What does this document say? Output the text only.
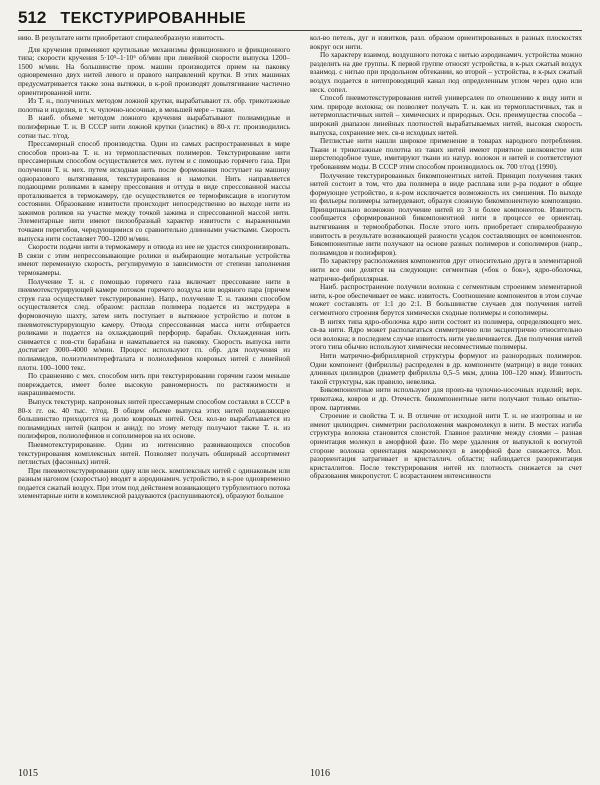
512 ТЕКСТУРИРОВАННЫЕ

нию. В результате нити приобретают спиралеобразную извитость.

Для кручения применяют крутильные механизмы фрикционного и фрикционного типа; скорости кручения 5·10⁵–1·10⁶ об/мин при линейной скорости выпуска 1200–1500 м/мин. На большинстве пром. машин производится прием на паковку одновременно двух нитей левого и правого направлений крутки. В этих машинах предусматривается также зона вытяжки, в к-рой производят довытягивание частично ориентированной нити.

Из Т. н., полученных методом ложной крутки, вырабатывают гл. обр. трикотажные полотна и изделия, в т. ч. чулочно-носочные, в меньшей мере – ткани.

В наиб. объеме методом ложного кручения вырабатывают полиамидные и полиэфирные Т. н. В СССР нити ложной крутки (эластик) в 80-х гг. производились сотни тыс. т/год.

Прессамерный способ производства. Один из самых распространенных в мире способов произ-ва Т. н. из термопластичных полимеров. Текстурирование нити прессамерным способом осуществляется мех. путем и с помощью горячего газа. При получении Т. н. мех. путем исходная нить после формования поступает на машину одноразового вытягивания, текстурирования и намотки. Нить направляется подающими роликами в камеру прессования и оттуда в виде спрессованной массы проталкивается в термокамеру, где осуществляется ее термофиксация в изогнутом состоянии. Образование извитости происходит непосредственно во выходе нити из зажимов роликов на участке между точкой зажима и спрессованной массой нити. Элементарные нити имеют пилообразный характер извитости с выраженными точками перегибов, чередующимися со сравнительно длинными участками. Скорость выпуска нити составляет 700–1200 м/мин.

Скорости подачи нити в термокамеру и отвода из нее не удастся синхронизировать. В связи с этим непрессовывающие ролики и выбирающие мотальные устройства имеют переменную скорость, регулируемую в зависимости от степени заполнения термокамеры.

Получение Т. н. с помощью горячего газа включает прессование нити в пневмотекстурирующей камере потоком горячего воздуха или водяного пара (причем струя газа осуществляет текстурирование). Напр., получение Т. н. такими способом осуществляется след. образом: расплав полимера подается из экструдера в формовочную шахту, затем нить поступает в вытяжное устройство и потом в пневмотекстурирующую камеру. Отвода спрессованная масса нити отбирается роликами и подается на охлаждающий перфорир. барабан. Охлажденная нить снимается с пов-сти барабана и наматывается на паковку. Скорость выпуска нити достигает 3000–4000 м/мин. Процесс используют гл. обр. для получения из полиамидов, полиэтилентерефталата и полиолефинов ковровых нитей с линейной плотн. 100–1000 текс.

По сравнению с мех. способом нить при текстурировании горячим газом меньше повреждается, имеет более высокую равномерность по растяжимости и накрашиваемости.

Выпуск текстурир. капроновых нитей прессамерным способом составлял в СССР в 80-х гг. ок. 40 тыс. т/год. В общем объеме выпуска этих нитей подавляющее большинство приходится на долю ковровых нитей. Осн. кол-во вырабатывается из полиамидных нитей (капрон и анид); по этому методу получают также Т. н. из полиэфиров, полиолефинов и сополимеров на их основе.

Пневмотекстурирование. Один из интенсивно развивающихся способов текстурирования комплексных нитей. Позволяет получать обширный ассортимент петлистых (фасонных) нитей.

При пневмотекстурировании одну или неск. комплексных нитей с одинаковым или разным нагоном (скоростью) вводят в аэродинамич. устройство, в к-рое одновременно подается сжатый воздух. При этом под действием возникающего турбулентного потока элементарные нити в комплексной раздуваются (распушиваются), образуют большое

кол-во петель, дуг и извитков, разл. образом ориентированных в разных плоскостях вокруг оси нити.

По характеру взаимод. воздушного потока с нитью аэродинамич. устройства можно разделить на две группы. К первой группе относят устройства, в к-рых сжатый воздух взаимод. с нитью при продольном обтекании, ко второй – устройства, в к-рых сжатый воздух подается в нитепроводящий канал под определенным углом через одно или неск. сопел.

Способ пневмотекстурирования нитей универсален по отношению к виду нити и хим. природе волокна; он позволяет получать Т. н. как из термопластичных, так и нетермопластичных нитей – химических и природных. Осн. преимущества способа – широкий диапазон линейных плотностей вырабатываемых нитей, высокая скорость выпуска, сохранение мех. св-в исходных нитей.

Петлистые нити нашли широкое применение в товарах народного потребления. Ткани и трикотажные полотна из таких нитей имеют приятное шелковистое или шерстеподобное туше, имитируют ткани из натур. волокон и нитей и соответствуют требованиям моды. В СССР этим способом производилось ок. 700 т/год (1990).

Получение текстурированных бикомпонентных нитей. Принцип получения таких нитей состоит в том, что два полимера в виде расплава или р-ра подают в общее формующее устройство, в к-ром исключается возможность их смешения. По выходе из фильеры полимеры затвердевают, образуя сложную бикомпонентную композицию. Принципиально возможно получение нитей из 3 и более компонентов. Извитость сообщается сформированной бикомпонентной нити в процессе ее ориентац. вытягивания и термообработки. После этого нить приобретает спиралеобразную извитость в результате возникающей разности усадок составляющих ее компонентов. Бикомпонентные нити получают на основе разных полимеров и сополимеров (напр., полиамидов и полиэфиров).

По характеру расположения компонентов друг относительно друга в элементарной нити все они делятся на следующие: сегментная («бок о бок»), ядро-оболочка, матрично-фибриллярная.

Наиб. распространение получили волокна с сегментным строением элементарной нити, к-рое обеспечивает ее макс. извитость. Соотношение компонентов в этом случае может составлять от 1:1 до 2:1. В большинстве случаев для получения нитей сегментного строения берутся химически сходные полимеры и сополимеры.

В нитях типа ядро-оболочка ядро нити состоит из полимера, определяющего мех. св-ва нити. Ядро может располагаться симметрично или эксцентрично относительно оси волокна; в последнем случае извитость нити увеличивается. Для получения нитей этого типа обычно используют химически несовместимые полимеры.

Нити матрично-фибриллярной структуры формуют из разнородных полимеров. Одни компонент (фибриллы) распределен в др. компоненте (матрице) в виде тонких длинных цилиндров (диаметр фибриллы 0,5–5 мкм, длина 100–120 мкм). Извитость такой структуры, как правило, невелика.

Бикомпонентные нити используют для произ-ва чулочно-носочных изделий; верх. трикотажа, ковров и др. Отечеств. бикомпонентные нити получают только опытно-пром. партиями.

Строение и свойства Т. н. В отличие от исходной нити Т. н. не изотропны и не имеют цилиндрич. симметрии расположения макромолекул в нити. В местах изгиба структура волокна становится слоистой. Главное различие между слоями – разная ориентация молекул в аморфной фазе. По мере удаления от выпуклой к вогнутой стороне волокна ориентация макромолекул в аморфной фазе снижается. Мол. разориентация затрагивает и кристаллич. области; наблюдается разориентация кристаллитов. После текстурирования нитей их плотность снижается за счет образования микропустот. С возрастанием интенсивности

1015	1016
